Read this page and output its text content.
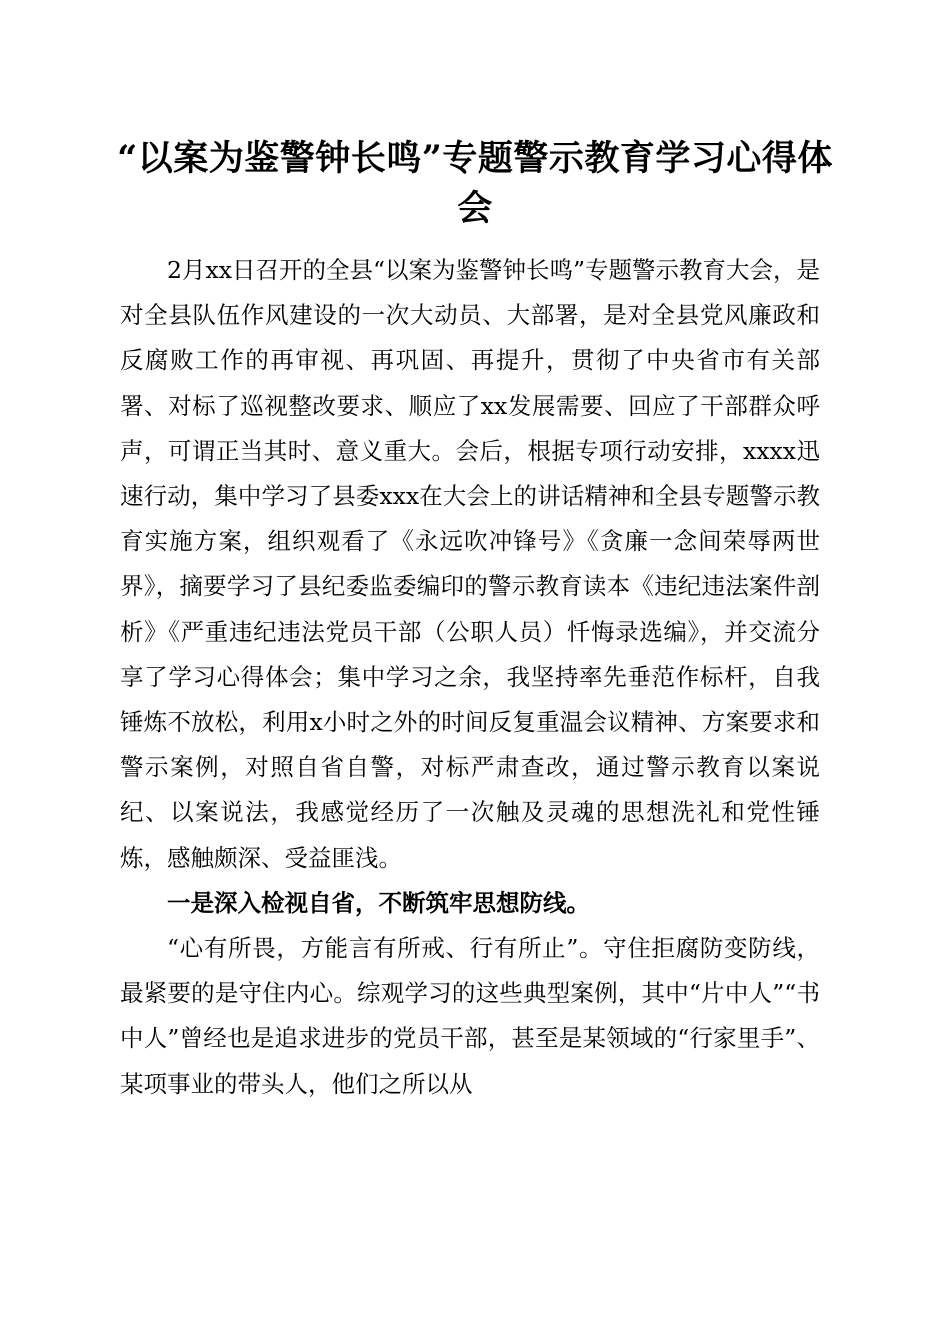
“以案为鉴警钟长鸣”专题警示教育学习心得体会

2月xx日召开的全县“以案为鉴警钟长鸣”专题警示教育大会，是对全县队伍作风建设的一次大动员、大部署，是对全县党风廉政和反腐败工作的再审视、再巩固、再提升，贯彻了中央省市有关部署、对标了巡视整改要求、顺应了xx发展需要、回应了干部群众呼声，可谓正当其时、意义重大。会后，根据专项行动安排，xxxx迅速行动，集中学习了县委xxx在大会上的讲话精神和全县专题警示教育实施方案，组织观看了《永远吹冲锋号》《贪廉一念间荣辱两世界》，摘要学习了县纪委监委编印的警示教育读本《违纪违法案件剖析》《严重违纪违法党员干部（公职人员）忏悔录选编》，并交流分享了学习心得体会；集中学习之余，我坚持率先垂范作标杆，自我锤炼不放松，利用x小时之外的时间反复重温会议精神、方案要求和警示案例，对照自省自警，对标严肃查改，通过警示教育以案说纪、以案说法，我感觉经历了一次触及灵魂的思想洗礼和党性锤炼，感触颇深、受益匪浅。

一是深入检视自省，不断筑牢思想防线。

“心有所畏，方能言有所戒、行有所止”。守住拒腐防变防线，最紧要的是守住内心。综观学习的这些典型案例，其中“片中人”“书中人”曾经也是追求进步的党员干部，甚至是某领域的“行家里手”、某项事业的带头人，他们之所以从
